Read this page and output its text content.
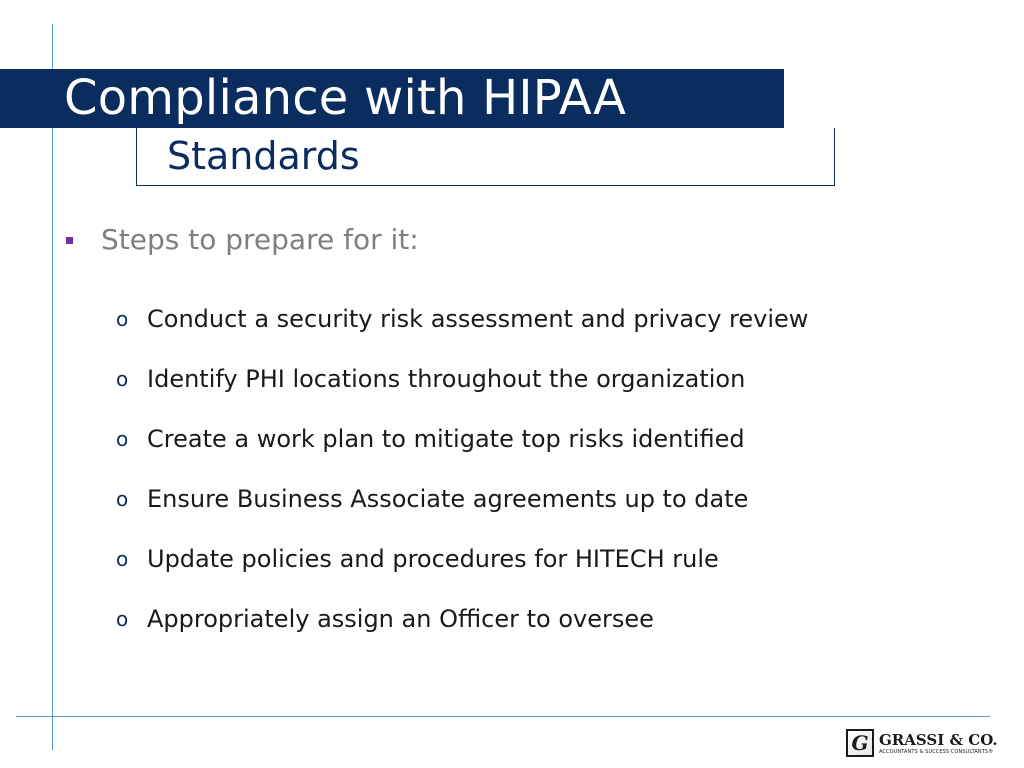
Compliance with HIPAA
Standards
Steps to prepare for it:
o Conduct a security risk assessment and privacy review
o Identify PHI locations throughout the organization
o Create a work plan to mitigate top risks identified
o Ensure Business Associate agreements up to date
o Update policies and procedures for HITECH rule
o Appropriately assign an Officer to oversee
G GRASSI & CO.
ACCOUNTANTS & SUCCESS CONSULTANTS®
